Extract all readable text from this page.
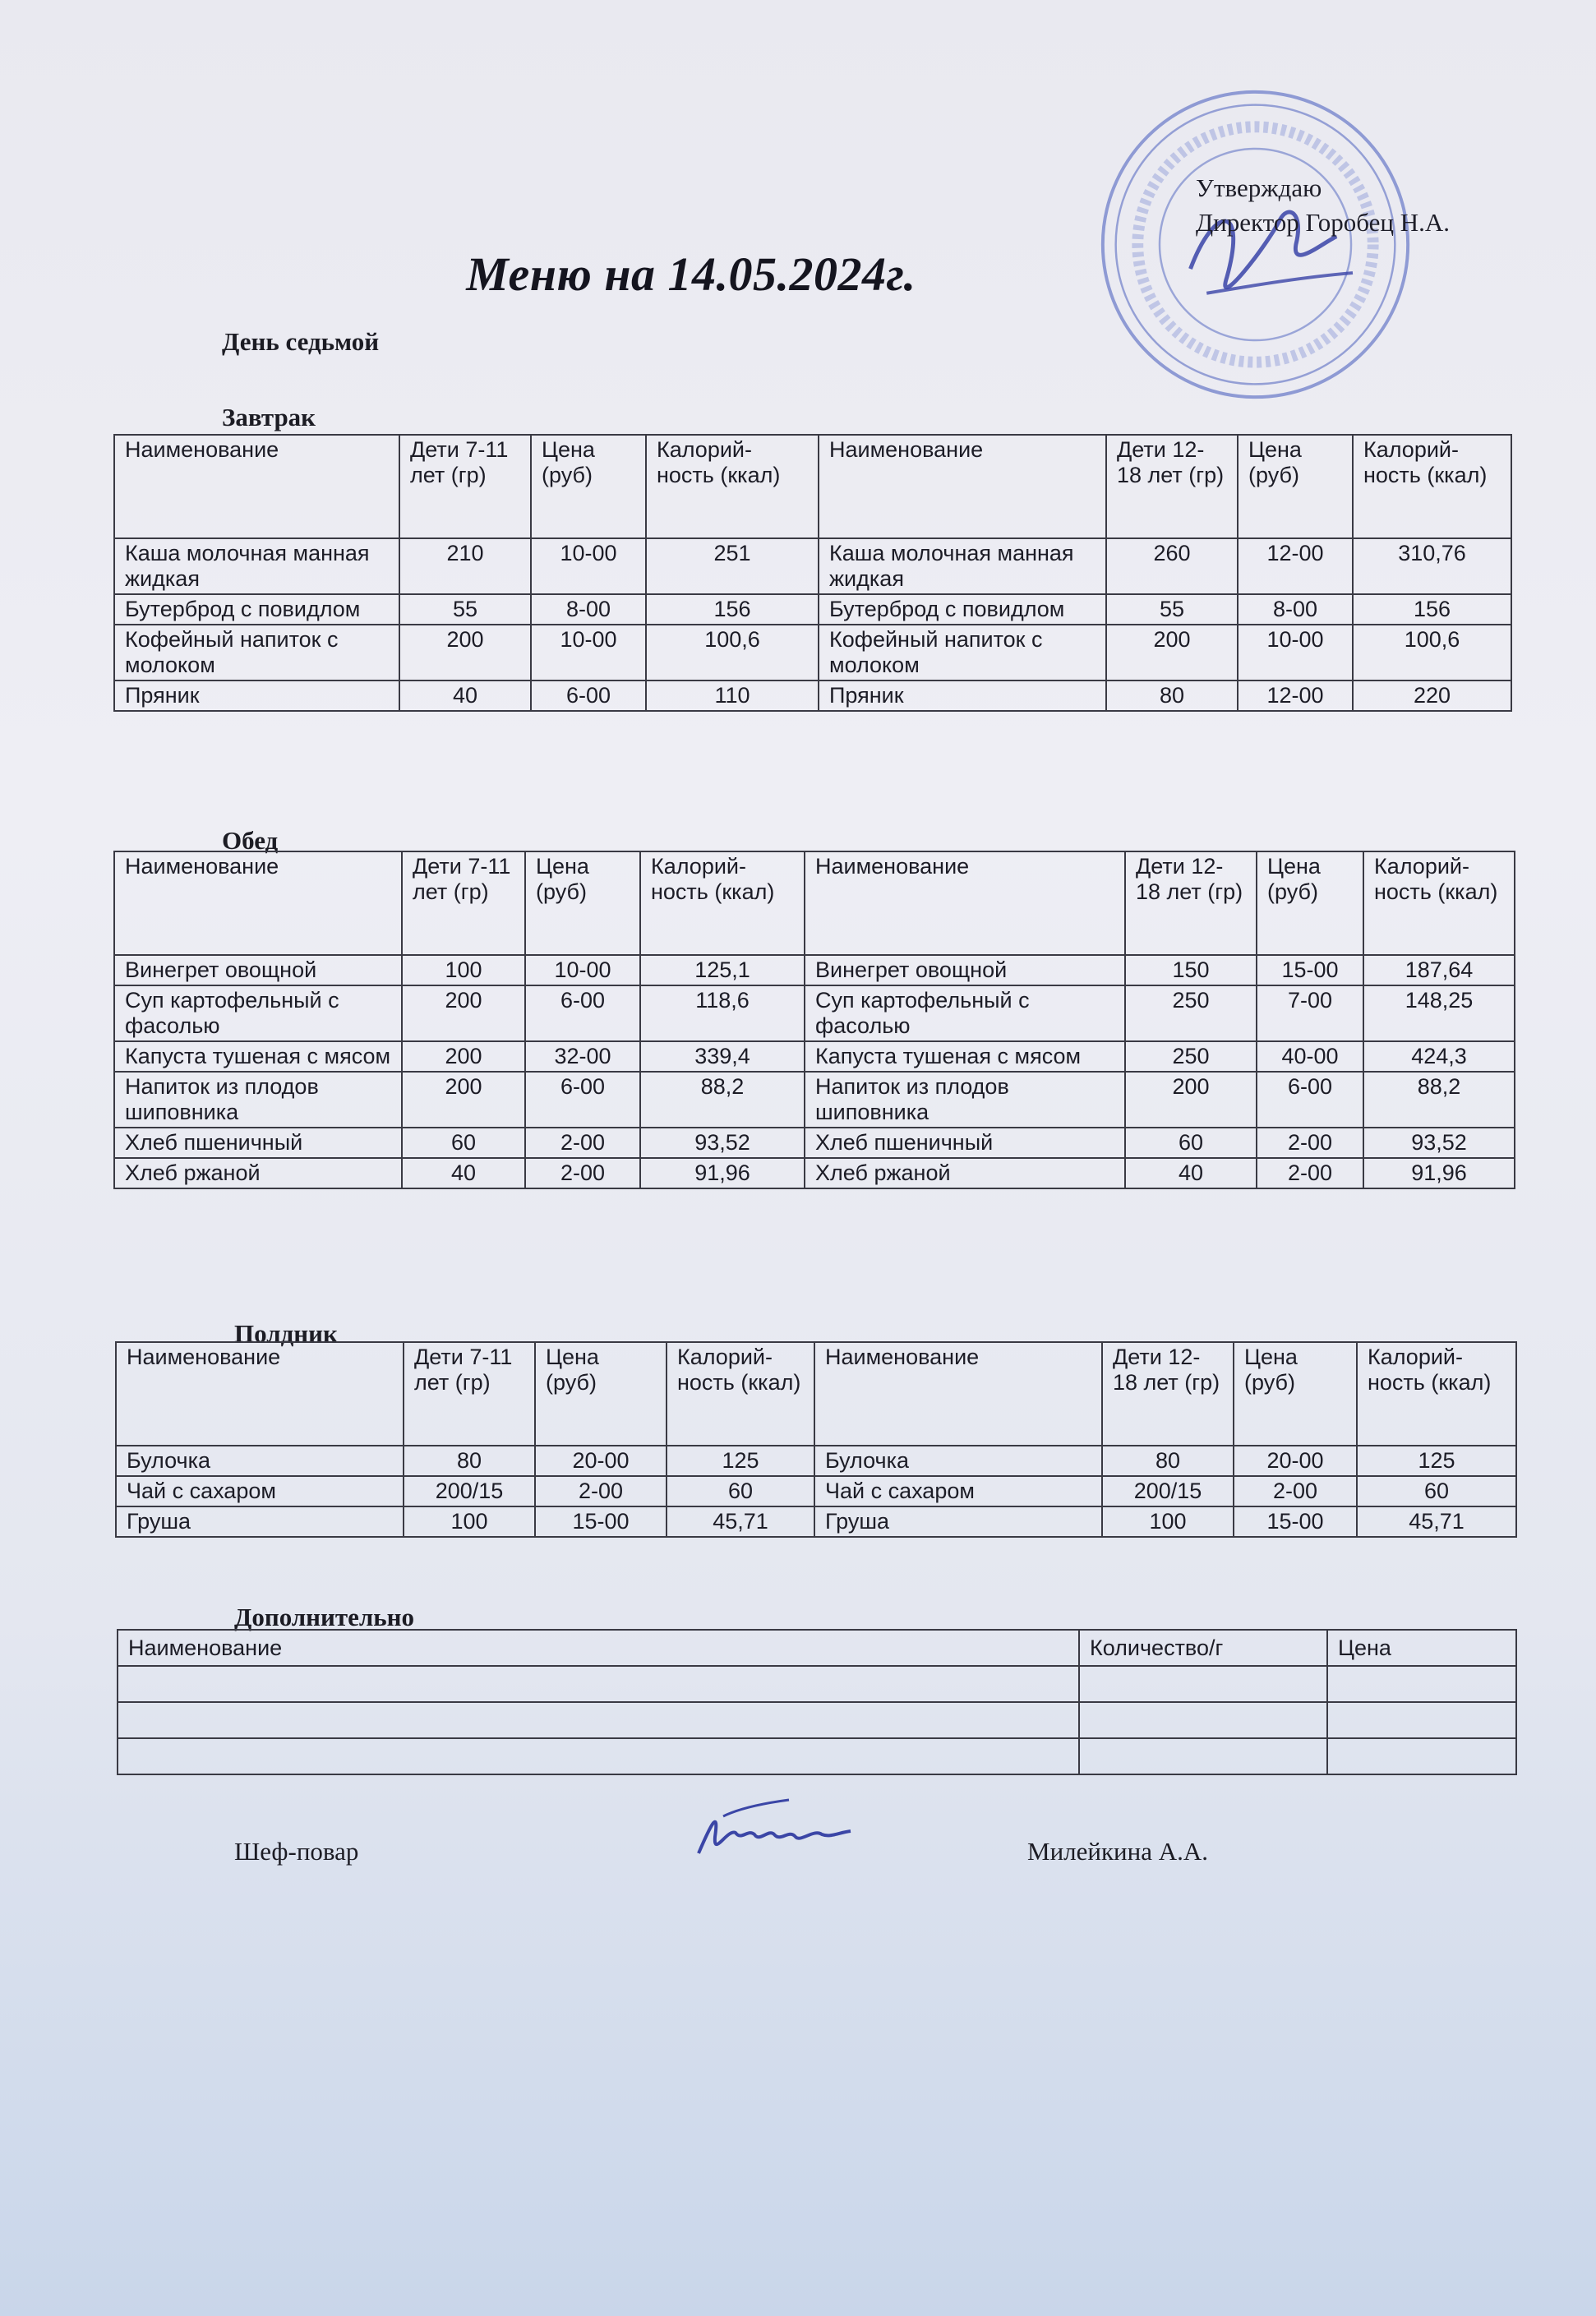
Утверждаю
Директор Горобец Н.А.
Меню на 14.05.2024г.
День седьмой
Завтрак
Наименование	Дети 7-11 лет (гр)	Цена (руб)	Калорий-ность (ккал)	Наименование	Дети 12-18 лет (гр)	Цена (руб)	Калорий-ность (ккал)
Каша молочная манная жидкая	210	10-00	251	Каша молочная манная жидкая	260	12-00	310,76
Бутерброд с повидлом	55	8-00	156	Бутерброд с повидлом	55	8-00	156
Кофейный напиток с молоком	200	10-00	100,6	Кофейный напиток с молоком	200	10-00	100,6
Пряник	40	6-00	110	Пряник	80	12-00	220
Обед
Наименование	Дети 7-11 лет (гр)	Цена (руб)	Калорий-ность (ккал)	Наименование	Дети 12-18 лет (гр)	Цена (руб)	Калорий-ность (ккал)
Винегрет овощной	100	10-00	125,1	Винегрет овощной	150	15-00	187,64
Суп картофельный с фасолью	200	6-00	118,6	Суп картофельный с фасолью	250	7-00	148,25
Капуста тушеная с мясом	200	32-00	339,4	Капуста тушеная с мясом	250	40-00	424,3
Напиток из плодов шиповника	200	6-00	88,2	Напиток из плодов шиповника	200	6-00	88,2
Хлеб пшеничный	60	2-00	93,52	Хлеб пшеничный	60	2-00	93,52
Хлеб ржаной	40	2-00	91,96	Хлеб ржаной	40	2-00	91,96
Полдник
Наименование	Дети 7-11 лет (гр)	Цена (руб)	Калорий-ность (ккал)	Наименование	Дети 12-18 лет (гр)	Цена (руб)	Калорий-ность (ккал)
Булочка	80	20-00	125	Булочка	80	20-00	125
Чай с сахаром	200/15	2-00	60	Чай с сахаром	200/15	2-00	60
Груша	100	15-00	45,71	Груша	100	15-00	45,71
Дополнительно
Наименование	Количество/г	Цена

Шеф-повар	Милейкина А.А.
